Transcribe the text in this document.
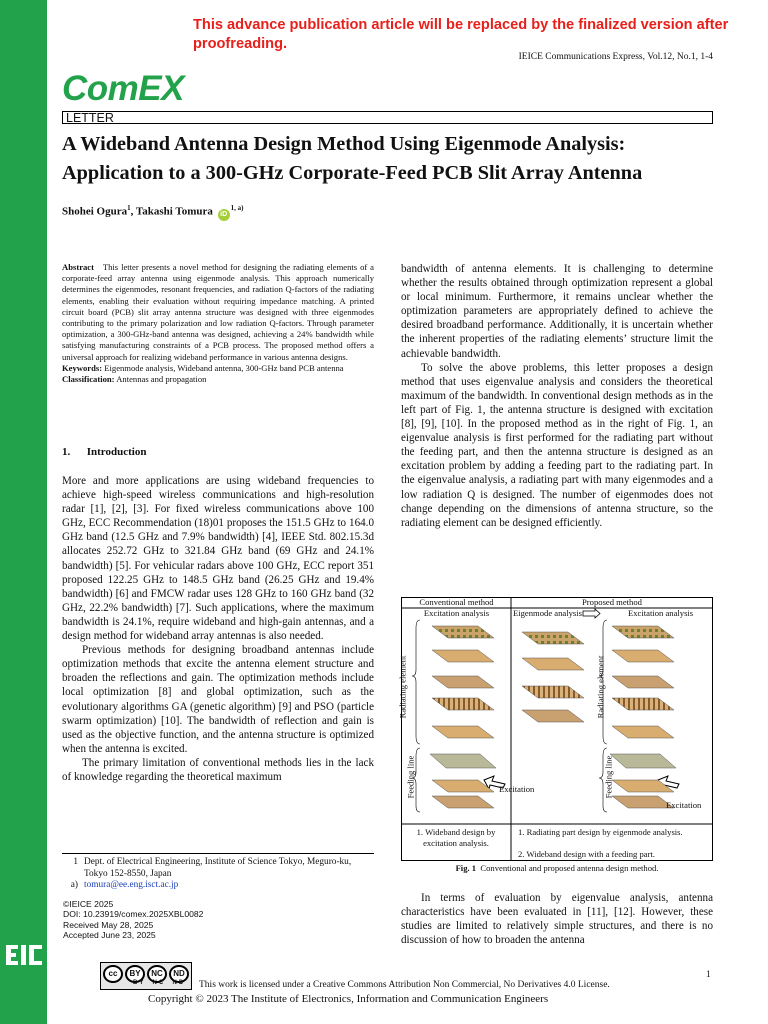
This advance publication article will be replaced by the finalized version after proofreading.
IEICE Communications Express, Vol.12, No.1, 1-4
ComEX
LETTER
A Wideband Antenna Design Method Using Eigenmode Analysis: Application to a 300-GHz Corporate-Feed PCB Slit Array Antenna
Shohei Ogura$^1$, Takashi Tomura iD$^{1, a)}$

Abstract This letter presents a novel method for designing the radiating elements of a corporate-feed array antenna using eigenmode analysis. This approach numerically determines the eigenmodes, resonant frequencies, and radiation Q-factors of the radiating elements, enabling their evaluation without requiring impedance matching. A printed circuit board (PCB) slit array antenna structure was designed with three eigenmodes contributing to the primary polarization and low radiation Q-factors. Through parameter optimization, a 300-GHz-band antenna was designed, achieving a 24% bandwidth while satisfying manufacturing constraints of a PCB process. The proposed method offers a universal approach for realizing wideband performance in various antenna designs.

Keywords: Eigenmode analysis, Wideband antenna, 300-GHz band PCB antenna

Classification: Antennas and propagation

1.      Introduction

More and more applications are using wideband frequencies to achieve high-speed wireless communications and high-resolution radar [1], [2], [3]. For fixed wireless communications above 100 GHz, ECC Recommendation (18)01 proposes the 151.5 GHz to 164.0 GHz band (12.5 GHz and 7.9% bandwidth) [4], IEEE Std. 802.15.3d allocates 252.72 GHz to 321.84 GHz band (69 GHz and 24.1% bandwidth) [5]. For vehicular radars above 100 GHz, ECC report 351 proposed 122.25 GHz to 148.5 GHz band (26.25 GHz and 19.4% bandwidth) [6] and FMCW radar uses 128 GHz to 160 GHz band (32 GHz, 22.2% bandwidth) [7]. Such applications, where the maximum bandwidth is 24.1%, require wideband and high-gain antennas, and a design method for wideband array antennas is also needed.

Previous methods for designing broadband antennas include optimization methods that excite the antenna element structure and broaden the reflections and gain. The optimization methods include local optimization [8] and global optimization, such as the evolutionary algorithms GA (genetic algorithm) [9] and PSO (particle swarm optimization) [10]. The bandwidth of reflection and gain is used as the objective function, and the antenna structure is optimized when the antenna is excited.

The primary limitation of conventional methods lies in the lack of knowledge regarding the theoretical maximum

bandwidth of antenna elements. It is challenging to determine whether the results obtained through optimization represent a global or local minimum. Furthermore, it remains unclear whether the optimization parameters are appropriately defined to achieve the desired broadband performance. Additionally, it is uncertain whether the inherent properties of the radiating elements’ structure limit the achievable bandwidth.

To solve the above problems, this letter proposes a design method that uses eigenvalue analysis and considers the theoretical maximum of the bandwidth. In conventional design methods as in the left part of Fig. 1, the antenna structure is designed with excitation [8], [9], [10]. In the proposed method as in the right of Fig. 1, an eigenvalue analysis is first performed for the radiating part without the feeding part, and then the antenna structure is designed as an excitation problem by adding a feeding part to the radiating part. In the eigenvalue analysis, a radiating part with many eigenmodes and a low radiation Q is designed. The number of eigenmodes does not change depending on the dimensions of antenna structure, so the radiating element can be designed efficiently.

Conventional method	Proposed method
Excitation analysis	Eigenmode analysis	Excitation analysis
Radiating element
Feeding line
Radiating element
Feeding line
Excitation
Excitation
1. Wideband design by excitation analysis.
1. Radiating part design by eigenmode analysis.
2. Wideband design with a feeding part.
Fig. 1 Conventional and proposed antenna design method.

In terms of evaluation by eigenvalue analysis, antenna characteristics have been evaluated in [11], [12]. However, these studies are limited to relatively simple structures, and there is no discussion of how to broaden the antenna

1 Dept. of Electrical Engineering, Institute of Science Tokyo, Meguro-ku, Tokyo 152-8550, Japan
a) tomura@ee.eng.isct.ac.jp
©IEICE 2025
DOI: 10.23919/comex.2025XBL0082
Received May 28, 2025
Accepted June 23, 2025
cc	BY	NC	ND
BY  NC  ND This work is licensed under a Creative Commons Attribution Non Commercial, No Derivatives 4.0 License.
Copyright © 2023 The Institute of Electronics, Information and Communication Engineers
1
